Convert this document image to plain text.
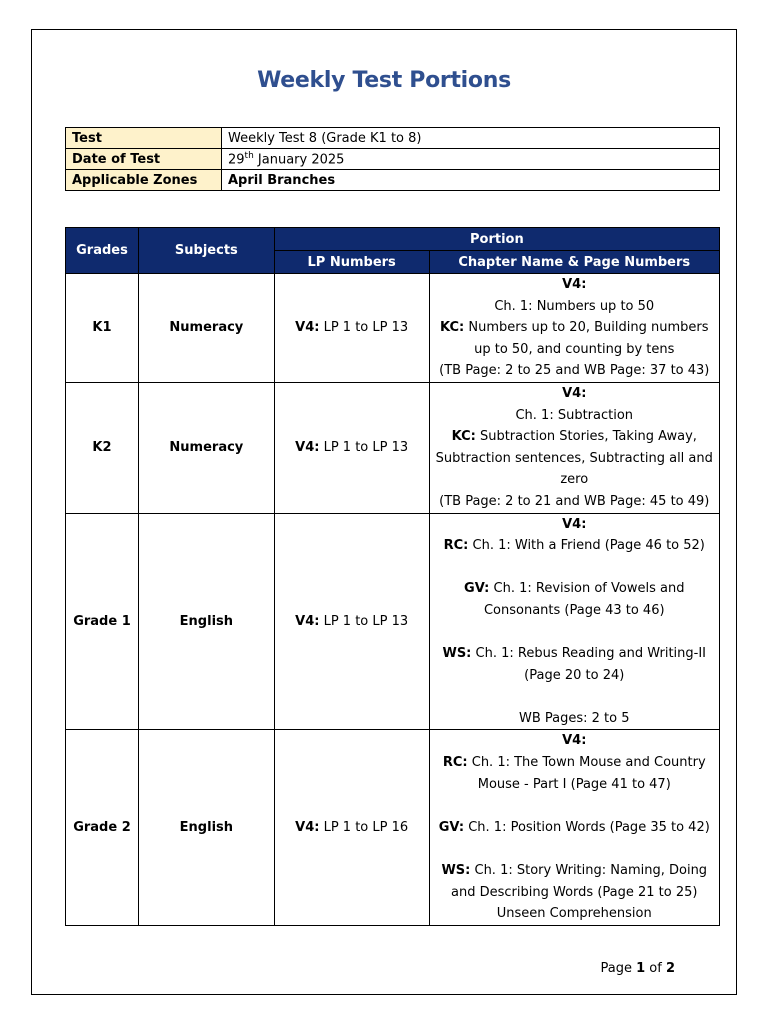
Weekly Test Portions
Test	Weekly Test 8 (Grade K1 to 8)
Date of Test	29th January 2025
Applicable Zones	April Branches
Grades	Subjects	Portion	
		LP Numbers	Chapter Name & Page Numbers
K1	Numeracy	V4: LP 1 to LP 13	V4:
Ch. 1: Numbers up to 50
KC: Numbers up to 20, Building numbers up to 50, and counting by tens
(TB Page: 2 to 25 and WB Page: 37 to 43)

K2	Numeracy	V4: LP 1 to LP 13	V4:
Ch. 1: Subtraction
KC: Subtraction Stories, Taking Away, Subtraction sentences, Subtracting all and zero
(TB Page: 2 to 21 and WB Page: 45 to 49)

Grade 1	English	V4: LP 1 to LP 13	V4:
RC: Ch. 1: With a Friend (Page 46 to 52)
GV: Ch. 1: Revision of Vowels and Consonants (Page 43 to 46)
WS: Ch. 1: Rebus Reading and Writing-II (Page 20 to 24)
WB Pages: 2 to 5

Grade 2	English	V4: LP 1 to LP 16	V4:
RC: Ch. 1: The Town Mouse and Country Mouse - Part I (Page 41 to 47)
GV: Ch. 1: Position Words (Page 35 to 42)
WS: Ch. 1: Story Writing: Naming, Doing and Describing Words (Page 21 to 25)
Unseen Comprehension
Page 1 of 2
